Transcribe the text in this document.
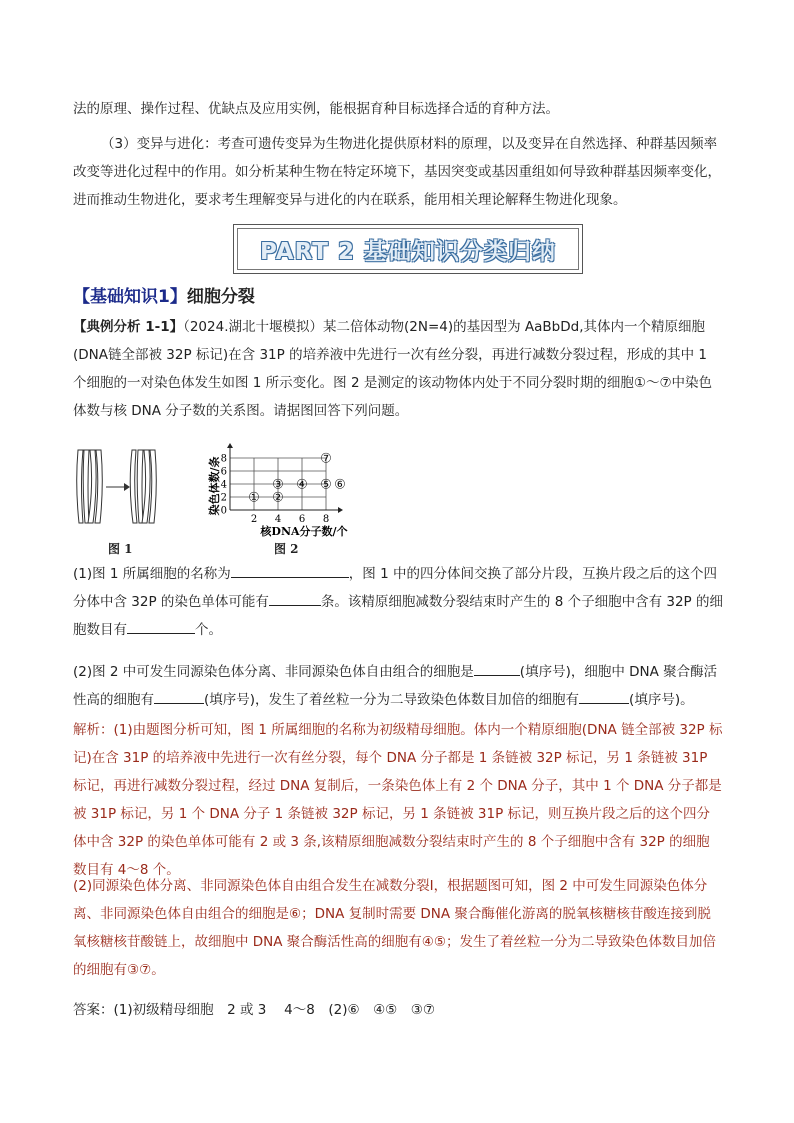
法的原理、操作过程、优缺点及应用实例，能根据育种目标选择合适的育种方法。

（3）变异与进化：考查可遗传变异为生物进化提供原材料的原理，以及变异在自然选择、种群基因频率改变等进化过程中的作用。如分析某种生物在特定环境下，基因突变或基因重组如何导致种群基因频率变化，进而推动生物进化，要求考生理解变异与进化的内在联系，能用相关理论解释生物进化现象。

PART 2 基础知识分类归纳
【基础知识1】细胞分裂

【典例分析 1-1】（2024.湖北十堰模拟）某二倍体动物(2N=4)的基因型为 AaBbDd,其体内一个精原细胞(DNA链全部被 32P 标记)在含 31P 的培养液中先进行一次有丝分裂，再进行减数分裂过程，形成的其中 1 个细胞的一对染色体发生如图 1 所示变化。图 2 是测定的该动物体内处于不同分裂时期的细胞①～⑦中染色体数与核 DNA 分子数的关系图。请据图回答下列问题。

图 1
0
2
4
6
8
2 4 6 8
① ②
③ ④ ⑤ ⑥
⑦
染色体数/条
核DNA分子数/个
图 2

(1)图 1 所属细胞的名称为	，图 1 中的四分体间交换了部分片段，互换片段之后的这个四分体中含 32P 的染色单体可能有	条。该精原细胞减数分裂结束时产生的 8 个子细胞中含有 32P 的细胞数目有	个。

(2)图 2 中可发生同源染色体分离、非同源染色体自由组合的细胞是	(填序号)，细胞中 DNA 聚合酶活性高的细胞有	(填序号)，发生了着丝粒一分为二导致染色体数目加倍的细胞有	(填序号)。

解析：(1)由题图分析可知，图 1 所属细胞的名称为初级精母细胞。体内一个精原细胞(DNA 链全部被 32P 标记)在含 31P 的培养液中先进行一次有丝分裂，每个 DNA 分子都是 1 条链被 32P 标记，另 1 条链被 31P 标记，再进行减数分裂过程，经过 DNA 复制后，一条染色体上有 2 个 DNA 分子，其中 1 个 DNA 分子都是被 31P 标记，另 1 个 DNA 分子 1 条链被 32P 标记，另 1 条链被 31P 标记，则互换片段之后的这个四分体中含 32P 的染色单体可能有 2 或 3 条,该精原细胞减数分裂结束时产生的 8 个子细胞中含有 32P 的细胞数目有 4～8 个。

(2)同源染色体分离、非同源染色体自由组合发生在减数分裂Ⅰ，根据题图可知，图 2 中可发生同源染色体分离、非同源染色体自由组合的细胞是⑥；DNA 复制时需要 DNA 聚合酶催化游离的脱氧核糖核苷酸连接到脱氧核糖核苷酸链上，故细胞中 DNA 聚合酶活性高的细胞有④⑤；发生了着丝粒一分为二导致染色体数目加倍的细胞有③⑦。

答案：(1)初级精母细胞　2 或 3　 4～8　(2)⑥　④⑤　③⑦
